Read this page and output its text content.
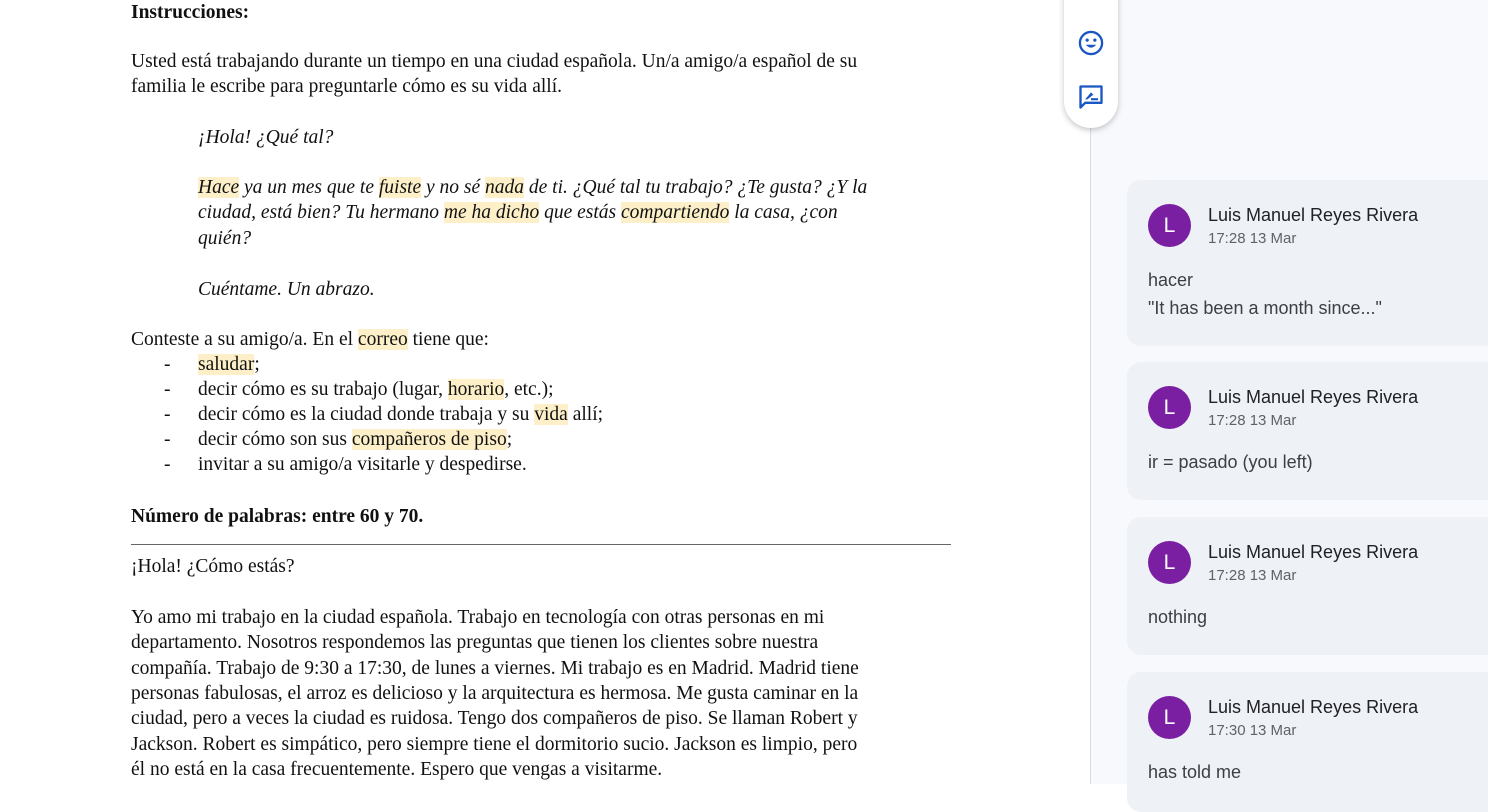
Instrucciones:
Usted está trabajando durante un tiempo en una ciudad española. Un/a amigo/a español de su
familia le escribe para preguntarle cómo es su vida allí.
¡Hola! ¿Qué tal?
Hace ya un mes que te fuiste y no sé nada de ti. ¿Qué tal tu trabajo? ¿Te gusta? ¿Y la
ciudad, está bien? Tu hermano me ha dicho que estás compartiendo la casa, ¿con
quién?
Cuéntame. Un abrazo.
Conteste a su amigo/a. En el correo tiene que:
- saludar;
- decir cómo es su trabajo (lugar, horario, etc.);
- decir cómo es la ciudad donde trabaja y su vida allí;
- decir cómo son sus compañeros de piso;
- invitar a su amigo/a visitarle y despedirse.
Número de palabras: entre 60 y 70.
¡Hola! ¿Cómo estás?
Yo amo mi trabajo en la ciudad española. Trabajo en tecnología con otras personas en mi
departamento. Nosotros respondemos las preguntas que tienen los clientes sobre nuestra
compañía. Trabajo de 9:30 a 17:30, de lunes a viernes. Mi trabajo es en Madrid. Madrid tiene
personas fabulosas, el arroz es delicioso y la arquitectura es hermosa. Me gusta caminar en la
ciudad, pero a veces la ciudad es ruidosa. Tengo dos compañeros de piso. Se llaman Robert y
Jackson. Robert es simpático, pero siempre tiene el dormitorio sucio. Jackson es limpio, pero
él no está en la casa frecuentemente. Espero que vengas a visitarme.
L	Luis Manuel Reyes Rivera
17:28 13 Mar
hacer
"It has been a month since..."
L	Luis Manuel Reyes Rivera
17:28 13 Mar
ir = pasado (you left)
L	Luis Manuel Reyes Rivera
17:28 13 Mar
nothing
L	Luis Manuel Reyes Rivera
17:30 13 Mar
has told me
